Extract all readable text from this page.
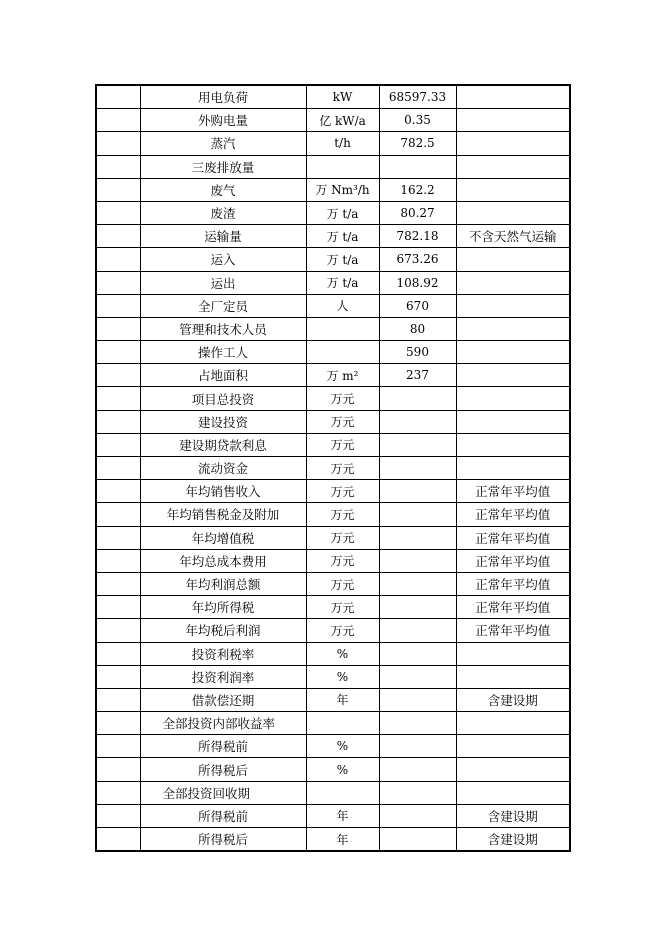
	用电负荷	kW	68597.33	
	外购电量	亿 kW/a	0.35	
	蒸汽	t/h	782.5	
	三废排放量			
	废气	万 Nm³/h	162.2	
	废渣	万 t/a	80.27	
	运输量	万 t/a	782.18	不含天然气运输
	运入	万 t/a	673.26	
	运出	万 t/a	108.92	
	全厂定员	人	670	
	管理和技术人员		80	
	操作工人		590	
	占地面积	万 m²	237	
	项目总投资	万元		
	建设投资	万元		
	建设期贷款利息	万元		
	流动资金	万元		
	年均销售收入	万元		正常年平均值
	年均销售税金及附加	万元		正常年平均值
	年均增值税	万元		正常年平均值
	年均总成本费用	万元		正常年平均值
	年均利润总额	万元		正常年平均值
	年均所得税	万元		正常年平均值
	年均税后利润	万元		正常年平均值
	投资利税率	%		
	投资利润率	%		
	借款偿还期	年		含建设期
	全部投资内部收益率			
	所得税前	%		
	所得税后	%		
	全部投资回收期			
	所得税前	年		含建设期
	所得税后	年		含建设期
